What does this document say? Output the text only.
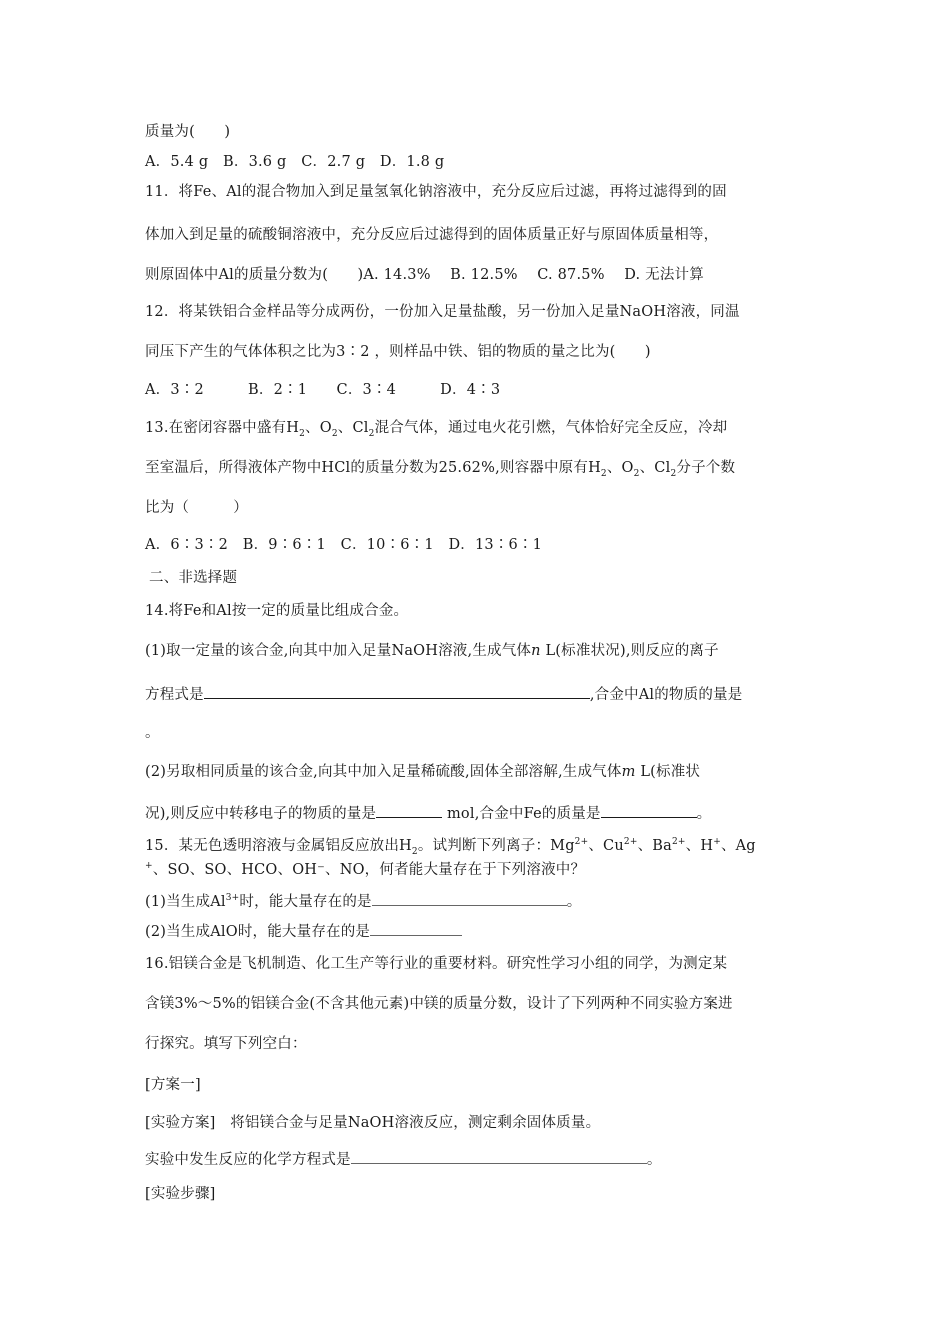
质量为(　　)
A．5.4 g　B．3.6 g　C．2.7 g　D．1.8 g
11．将Fe、Al的混合物加入到足量氢氧化钠溶液中，充分反应后过滤，再将过滤得到的固
体加入到足量的硫酸铜溶液中，充分反应后过滤得到的固体质量正好与原固体质量相等，
则原固体中Al的质量分数为(　　)A. 14.3%　 B. 12.5%　 C. 87.5%　 D. 无法计算
12．将某铁铝合金样品等分成两份，一份加入足量盐酸，另一份加入足量NaOH溶液，同温
同压下产生的气体体积之比为3∶2 ，则样品中铁、铝的物质的量之比为(　　)
A．3∶2　　　B．2∶1　　C．3∶4　　　D．4∶3
13.在密闭容器中盛有$H_2$、$O_2$、$Cl_2$混合气体，通过电火花引燃，气体恰好完全反应，冷却
至室温后，所得液体产物中HCl的质量分数为25.62%,则容器中原有$H_2$、$O_2$、$Cl_2$分子个数
比为（　　　）
A．6∶3∶2　B．9∶6∶1　C．10∶6∶1　D．13∶6∶1
二、非选择题
14.将Fe和Al按一定的质量比组成合金。
(1)取一定量的该合金,向其中加入足量NaOH溶液,生成气体n L(标准状况),则反应的离子
方程式是	,合金中Al的物质的量是
。
(2)另取相同质量的该合金,向其中加入足量稀硫酸,固体全部溶解,生成气体m L(标准状
况),则反应中转移电子的物质的量是	mol,合金中Fe的质量是	。
15．某无色透明溶液与金属铝反应放出$H_2$。试判断下列离子：$Mg^{2+}$、$Cu^{2+}$、$Ba^{2+}$、H+、Ag
+、SO、SO、HCO、OH⁻、NO，何者能大量存在于下列溶液中？
(1)当生成$Al^{3+}$时，能大量存在的是	。
(2)当生成AlO时，能大量存在的是
16.铝镁合金是飞机制造、化工生产等行业的重要材料。研究性学习小组的同学，为测定某
含镁3%～5%的铝镁合金(不含其他元素)中镁的质量分数，设计了下列两种不同实验方案进
行探究。填写下列空白：
[方案一]
[实验方案]　将铝镁合金与足量NaOH溶液反应，测定剩余固体质量。
实验中发生反应的化学方程式是	。
[实验步骤]
